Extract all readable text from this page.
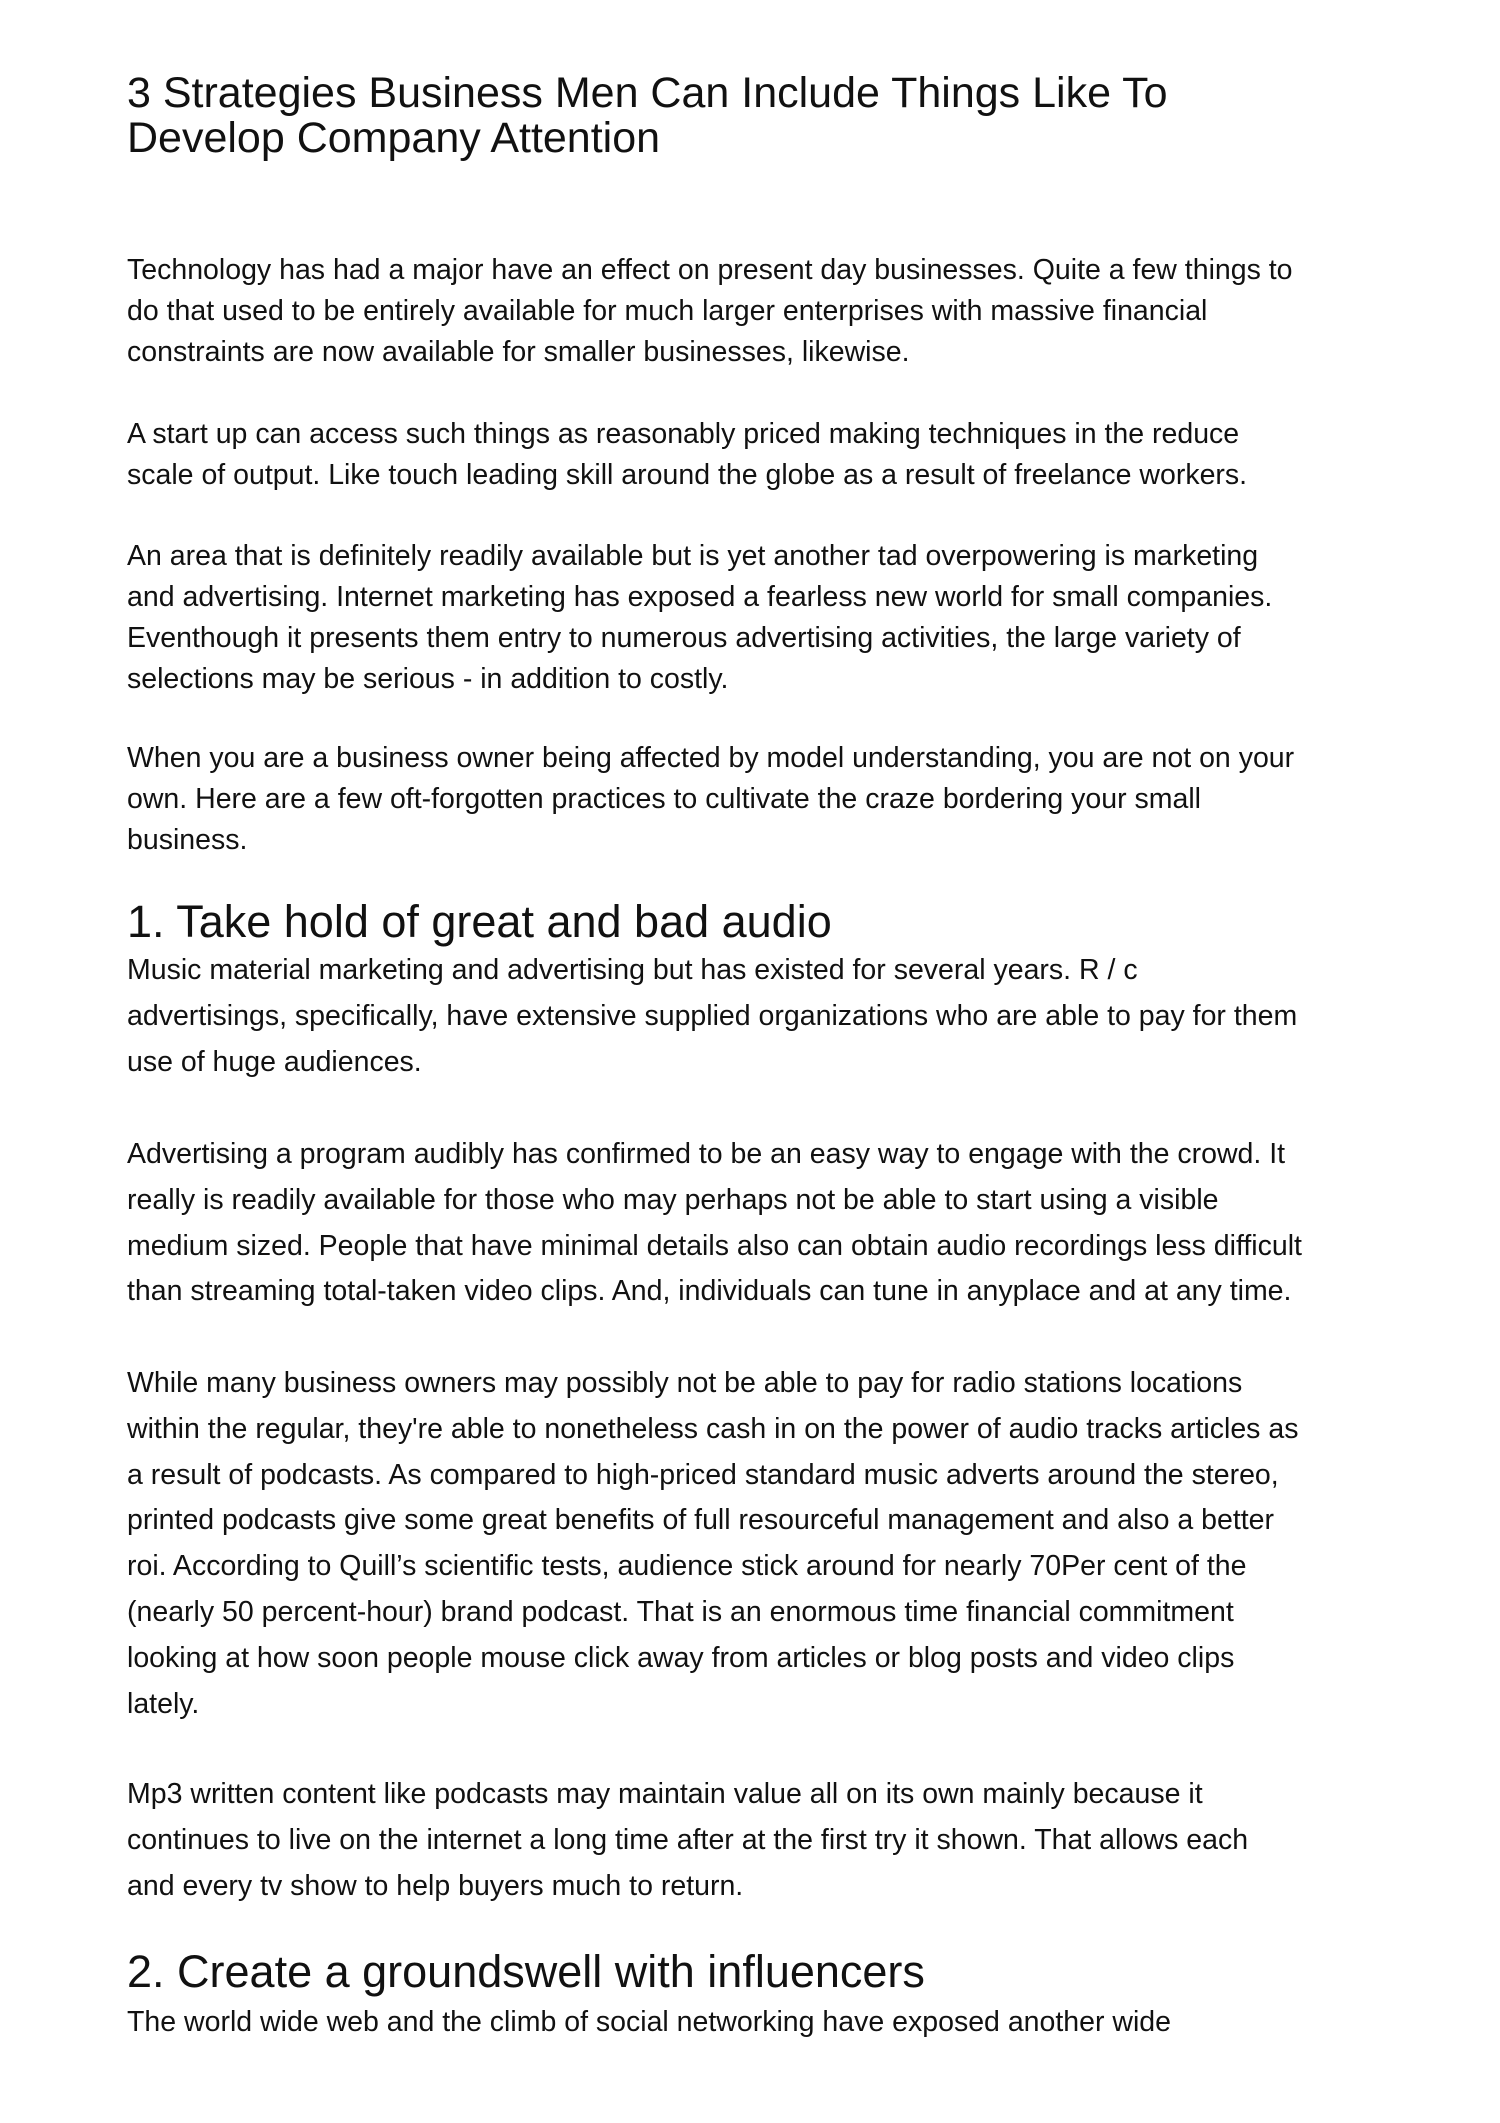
3 Strategies Business Men Can Include Things Like To
Develop Company Attention
Technology has had a major have an effect on present day businesses. Quite a few things to
do that used to be entirely available for much larger enterprises with massive financial
constraints are now available for smaller businesses, likewise.
A start up can access such things as reasonably priced making techniques in the reduce
scale of output. Like touch leading skill around the globe as a result of freelance workers.
An area that is definitely readily available but is yet another tad overpowering is marketing
and advertising. Internet marketing has exposed a fearless new world for small companies.
Eventhough it presents them entry to numerous advertising activities, the large variety of
selections may be serious - in addition to costly.
When you are a business owner being affected by model understanding, you are not on your
own. Here are a few oft-forgotten practices to cultivate the craze bordering your small
business.
1. Take hold of great and bad audio
Music material marketing and advertising but has existed for several years. R / c
advertisings, specifically, have extensive supplied organizations who are able to pay for them
use of huge audiences.
Advertising a program audibly has confirmed to be an easy way to engage with the crowd. It
really is readily available for those who may perhaps not be able to start using a visible
medium sized. People that have minimal details also can obtain audio recordings less difficult
than streaming total-taken video clips. And, individuals can tune in anyplace and at any time.
While many business owners may possibly not be able to pay for radio stations locations
within the regular, they're able to nonetheless cash in on the power of audio tracks articles as
a result of podcasts. As compared to high-priced standard music adverts around the stereo,
printed podcasts give some great benefits of full resourceful management and also a better
roi. According to Quill’s scientific tests, audience stick around for nearly 70Per cent of the
(nearly 50 percent-hour) brand podcast. That is an enormous time financial commitment
looking at how soon people mouse click away from articles or blog posts and video clips
lately.
Mp3 written content like podcasts may maintain value all on its own mainly because it
continues to live on the internet a long time after at the first try it shown. That allows each
and every tv show to help buyers much to return.
2. Create a groundswell with influencers
The world wide web and the climb of social networking have exposed another wide
